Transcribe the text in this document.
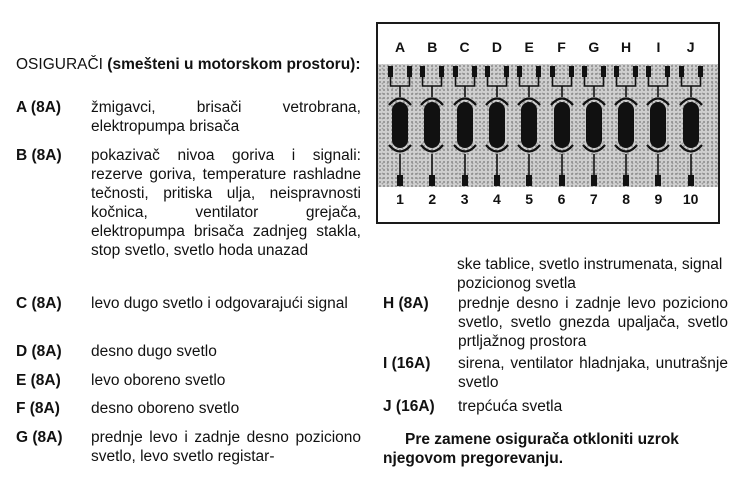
OSIGURAČI (smešteni u motorskom prostoru):
A (8A)	žmigavci, brisači vetrobrana, elektropumpa brisača
B (8A)	pokazivač nivoa goriva i signali: rezerve goriva, temperature rashladne tečnosti, pritiska ulja, neispravnosti kočnica, ventilator grejača, elektropumpa brisača zadnjeg stakla, stop svetlo, svetlo hoda unazad
C (8A)	levo dugo svetlo i odgovarajući signal
D (8A)	desno dugo svetlo
E (8A)	levo oboreno svetlo
F (8A)	desno oboreno svetlo
G (8A)	prednje levo i zadnje desno poziciono svetlo, levo svetlo registar-
A
1
B
2
C
3
D
4
E
5
F
6
G
7
H
8
I
9
J
10
ske tablice, svetlo instrumenata, signal pozicionog svetla
H (8A)	prednje desno i zadnje levo poziciono svetlo, svetlo gnezda upaljača, svetlo prtljažnog prostora
I (16A)	sirena, ventilator hladnjaka, unutrašnje svetlo
J (16A)	trepćuća svetla
Pre zamene osigurača otkloniti uzrok njegovom pregorevanju.
